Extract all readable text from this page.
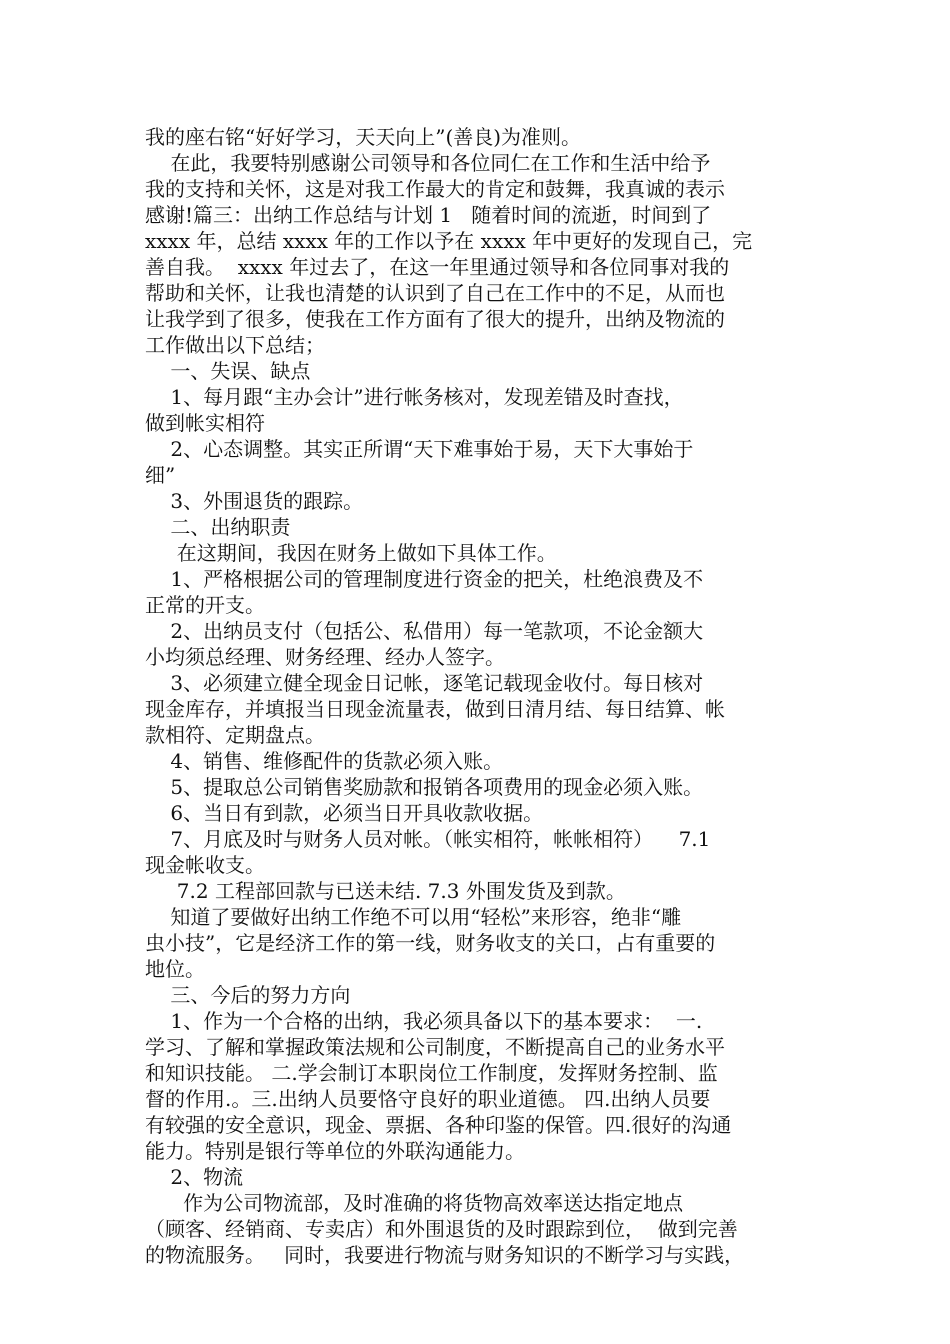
我的座右铭“好好学习，天天向上”(善良)为准则。
在此，我要特别感谢公司领导和各位同仁在工作和生活中给予
我的支持和关怀，这是对我工作最大的肯定和鼓舞，我真诚的表示
感谢!篇三：出纳工作总结与计划 1   随着时间的流逝，时间到了
xxxx 年，总结 xxxx 年的工作以予在 xxxx 年中更好的发现自己，完
善自我。  xxxx 年过去了，在这一年里通过领导和各位同事对我的
帮助和关怀，让我也清楚的认识到了自己在工作中的不足，从而也
让我学到了很多，使我在工作方面有了很大的提升，出纳及物流的
工作做出以下总结；
一、失误、缺点
1、每月跟“主办会计”进行帐务核对，发现差错及时查找，
做到帐实相符
2、心态调整。其实正所谓“天下难事始于易，天下大事始于
细”
3、外围退货的跟踪。
二、出纳职责
在这期间，我因在财务上做如下具体工作。
1、严格根据公司的管理制度进行资金的把关，杜绝浪费及不
正常的开支。
2、出纳员支付（包括公、私借用）每一笔款项，不论金额大
小均须总经理、财务经理、经办人签字。
3、必须建立健全现金日记帐，逐笔记载现金收付。每日核对
现金库存，并填报当日现金流量表，做到日清月结、每日结算、帐
款相符、定期盘点。
4、销售、维修配件的货款必须入账。
5、提取总公司销售奖励款和报销各项费用的现金必须入账。
6、当日有到款，必须当日开具收款收据。
7、月底及时与财务人员对帐。（帐实相符，帐帐相符）    7.1
现金帐收支。
7.2 工程部回款与已送未结. 7.3 外围发货及到款。
知道了要做好出纳工作绝不可以用“轻松”来形容，绝非“雕
虫小技”，它是经济工作的第一线，财务收支的关口，占有重要的
地位。
三、今后的努力方向
1、作为一个合格的出纳，我必须具备以下的基本要求：  一.
学习、了解和掌握政策法规和公司制度，不断提高自己的业务水平
和知识技能。 二.学会制订本职岗位工作制度，发挥财务控制、监
督的作用.。三.出纳人员要恪守良好的职业道德。 四.出纳人员要
有较强的安全意识，现金、票据、各种印鉴的保管。四.很好的沟通
能力。特别是银行等单位的外联沟通能力。
2、物流
作为公司物流部，及时准确的将货物高效率送达指定地点
（顾客、经销商、专卖店）和外围退货的及时跟踪到位，  做到完善
的物流服务。   同时，我要进行物流与财务知识的不断学习与实践，
